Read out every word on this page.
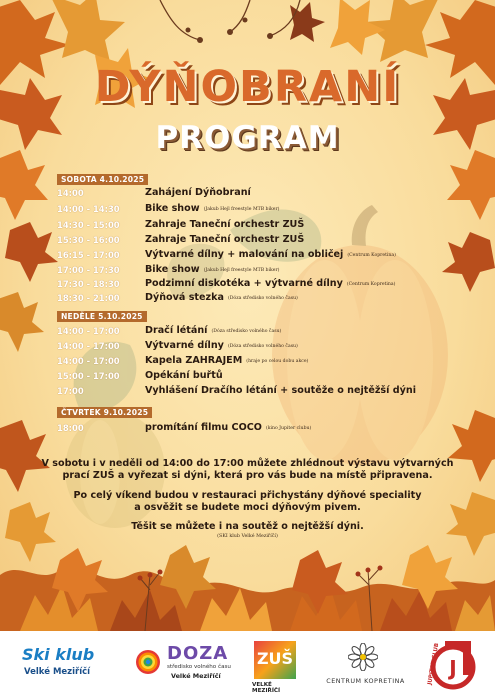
DÝŇOBRANÍ
PROGRAM
SOBOTA 4.10.2025
14:00	Zahájení Dýňobraní
14:00 - 14:30	Bike show (Jakub Hejl freestyle MTB biker)
14:30 - 15:00	Zahraje Taneční orchestr ZUŠ
15:30 - 16:00	Zahraje Taneční orchestr ZUŠ
16:15 - 17:00	Výtvarné dílny + malování na obličej (Centrum Kopretina)
17:00 - 17:30	Bike show (Jakub Hejl freestyle MTB biker)
17:30 - 18:30	Podzimní diskotéka + výtvarné dílny (Centrum Kopretina)
18:30 - 21:00	Dýňová stezka (Dóza středisko volného času)
NEDĚLE 5.10.2025
14:00 - 17:00	Dračí létání (Dóza středisko volného času)
14:00 - 17:00	Výtvarné dílny (Dóza středisko volného času)
14:00 - 17:00	Kapela ZAHRAJEM (hraje po celou dobu akce)
15:00 - 17:00	Opékání buřtů
17:00	Vyhlášení Dračího létání + soutěže o nejtěžší dýni
ČTVRTEK 9.10.2025
18:00	promítání filmu COCO (kino Jupiter clubu)
V sobotu i v neděli od 14:00 do 17:00 můžete zhlédnout výstavu výtvarných
prací ZUŠ a vyřezat si dýni, která pro vás bude na místě připravena.
Po celý víkend budou v restauraci přichystány dýňové speciality
a osvěžit se budete moci dýňovým pivem.
Těšit se můžete i na soutěž o nejtěžší dýni.
(SKI klub Velké Meziříčí)
Ski klub
Velké Meziříčí
DOZA
středisko volného času
Velké Meziříčí
ZUŠ
VELKÉ MEZIŘÍČÍ
CENTRUM KOPRETINA
J
JUPITER CLUB
